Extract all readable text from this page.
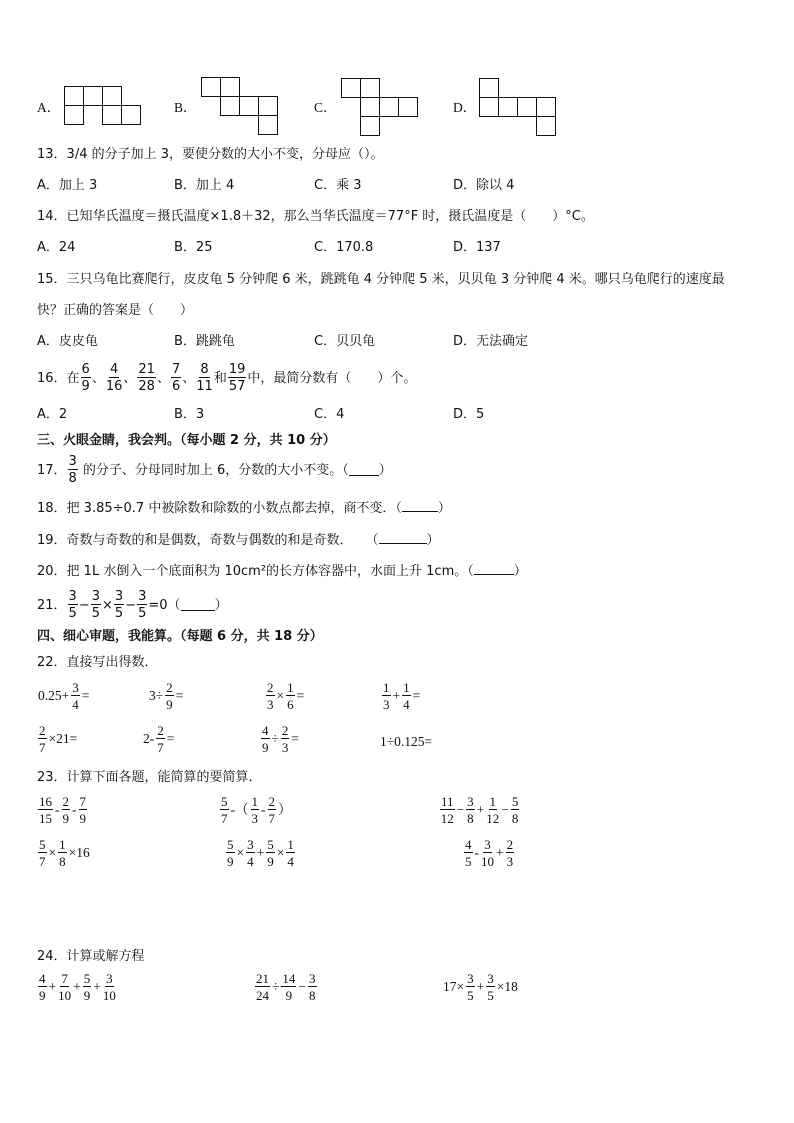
A．	B．	C．	D．
13．3/4 的分子加上 3，要使分数的大小不变，分母应（）。
A．加上 3	B．加上 4	C．乘 3	D．除以 4
14．已知华氏温度＝摄氏温度×1.8＋32，那么当华氏温度＝77°F 时，摄氏温度是（　　）°C。
A．24	B．25	C．170.8	D．137
15．三只乌龟比赛爬行，皮皮龟 5 分钟爬 6 米，跳跳龟 4 分钟爬 5 米，贝贝龟 3 分钟爬 4 米。哪只乌龟爬行的速度最
快？正确的答案是（　　）
A．皮皮龟	B．跳跳龟	C．贝贝龟	D．无法确定
16．在 $\frac{6}{9}$ 、 $\frac{4}{16}$ 、 $\frac{21}{28}$ 、 $\frac{7}{6}$ 、 $\frac{8}{11}$ 和 $\frac{19}{57}$ 中，最简分数有（　　）个。
A．2	B．3	C．4	D．5
三、火眼金睛，我会判。（每小题 2 分，共 10 分）
17． $\frac{3}{8}$ 的分子、分母同时加上 6，分数的大小不变。（ ）
18．把 3.85÷0.7 中被除数和除数的小数点都去掉，商不变．（	）
19．奇数与奇数的和是偶数，奇数与偶数的和是奇数．　　（	）
20．把 1L 水倒入一个底面积为 10cm²的长方体容器中，水面上升 1cm。（	）
21． $\frac{3}{5} - \frac{3}{5} \times \frac{3}{5} - \frac{3}{5} =0$（	）
四、细心审题，我能算。（每题 6 分，共 18 分）
22．直接写出得数．
$0.25+ \frac{3}{4}$ =	$3\div \frac{2}{9}$ =	$\frac{2}{3} \times \frac{1}{6}$ =	$\frac{1}{3} + \frac{1}{4}$ =
$\frac{2}{7} \times 21=$	$2- \frac{2}{7}$ =	$\frac{4}{9} \div \frac{2}{3}$ =	1÷0.125=
23．计算下面各题，能简算的要简算．
$\frac{16}{15} - \frac{2}{9} - \frac{7}{9}$	$\frac{5}{7}$ -（ $\frac{1}{3} - \frac{2}{7}$ ）	$\frac{11}{12} - \frac{3}{8} + \frac{1}{12} - \frac{5}{8}$
$\frac{5}{7} \times \frac{1}{8} \times 16$	$\frac{5}{9} \times \frac{3}{4} + \frac{5}{9} \times \frac{1}{4}$	$\frac{4}{5} - \frac{3}{10} + \frac{2}{3}$
24．计算或解方程
$\frac{4}{9} + \frac{7}{10} + \frac{5}{9} + \frac{3}{10}$	$\frac{21}{24} \div \frac{14}{9} - \frac{3}{8}$	$17\times \frac{3}{5} + \frac{3}{5} \times 18$
